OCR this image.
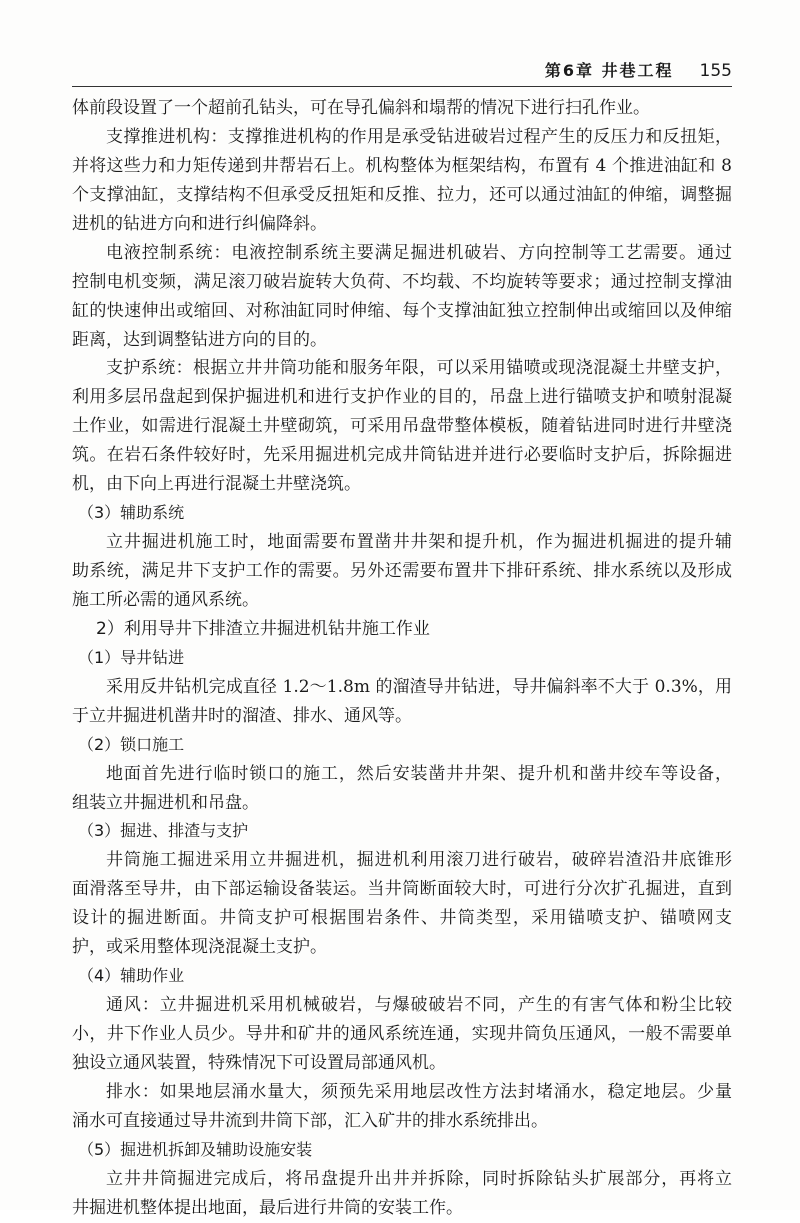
第6章 井巷工程 155
体前段设置了一个超前孔钻头，可在导孔偏斜和塌帮的情况下进行扫孔作业。
支撑推进机构：支撑推进机构的作用是承受钻进破岩过程产生的反压力和反扭矩，
并将这些力和力矩传递到井帮岩石上。机构整体为框架结构，布置有 4 个推进油缸和 8
个支撑油缸，支撑结构不但承受反扭矩和反推、拉力，还可以通过油缸的伸缩，调整掘
进机的钻进方向和进行纠偏降斜。
电液控制系统：电液控制系统主要满足掘进机破岩、方向控制等工艺需要。通过
控制电机变频，满足滚刀破岩旋转大负荷、不均载、不均旋转等要求；通过控制支撑油
缸的快速伸出或缩回、对称油缸同时伸缩、每个支撑油缸独立控制伸出或缩回以及伸缩
距离，达到调整钻进方向的目的。
支护系统：根据立井井筒功能和服务年限，可以采用锚喷或现浇混凝土井壁支护，
利用多层吊盘起到保护掘进机和进行支护作业的目的，吊盘上进行锚喷支护和喷射混凝
土作业，如需进行混凝土井壁砌筑，可采用吊盘带整体模板，随着钻进同时进行井壁浇
筑。在岩石条件较好时，先采用掘进机完成井筒钻进并进行必要临时支护后，拆除掘进
机，由下向上再进行混凝土井壁浇筑。
（3）辅助系统
立井掘进机施工时，地面需要布置凿井井架和提升机，作为掘进机掘进的提升辅
助系统，满足井下支护工作的需要。另外还需要布置井下排矸系统、排水系统以及形成
施工所必需的通风系统。
2）利用导井下排渣立井掘进机钻井施工作业
（1）导井钻进
采用反井钻机完成直径 1.2～1.8m 的溜渣导井钻进，导井偏斜率不大于 0.3%，用
于立井掘进机凿井时的溜渣、排水、通风等。
（2）锁口施工
地面首先进行临时锁口的施工，然后安装凿井井架、提升机和凿井绞车等设备，
组装立井掘进机和吊盘。
（3）掘进、排渣与支护
井筒施工掘进采用立井掘进机，掘进机利用滚刀进行破岩，破碎岩渣沿井底锥形
面滑落至导井，由下部运输设备装运。当井筒断面较大时，可进行分次扩孔掘进，直到
设计的掘进断面。井筒支护可根据围岩条件、井筒类型，采用锚喷支护、锚喷网支
护，或采用整体现浇混凝土支护。
（4）辅助作业
通风：立井掘进机采用机械破岩，与爆破破岩不同，产生的有害气体和粉尘比较
小，井下作业人员少。导井和矿井的通风系统连通，实现井筒负压通风，一般不需要单
独设立通风装置，特殊情况下可设置局部通风机。
排水：如果地层涌水量大，须预先采用地层改性方法封堵涌水，稳定地层。少量
涌水可直接通过导井流到井筒下部，汇入矿井的排水系统排出。
（5）掘进机拆卸及辅助设施安装
立井井筒掘进完成后，将吊盘提升出井并拆除，同时拆除钻头扩展部分，再将立
井掘进机整体提出地面，最后进行井筒的安装工作。
